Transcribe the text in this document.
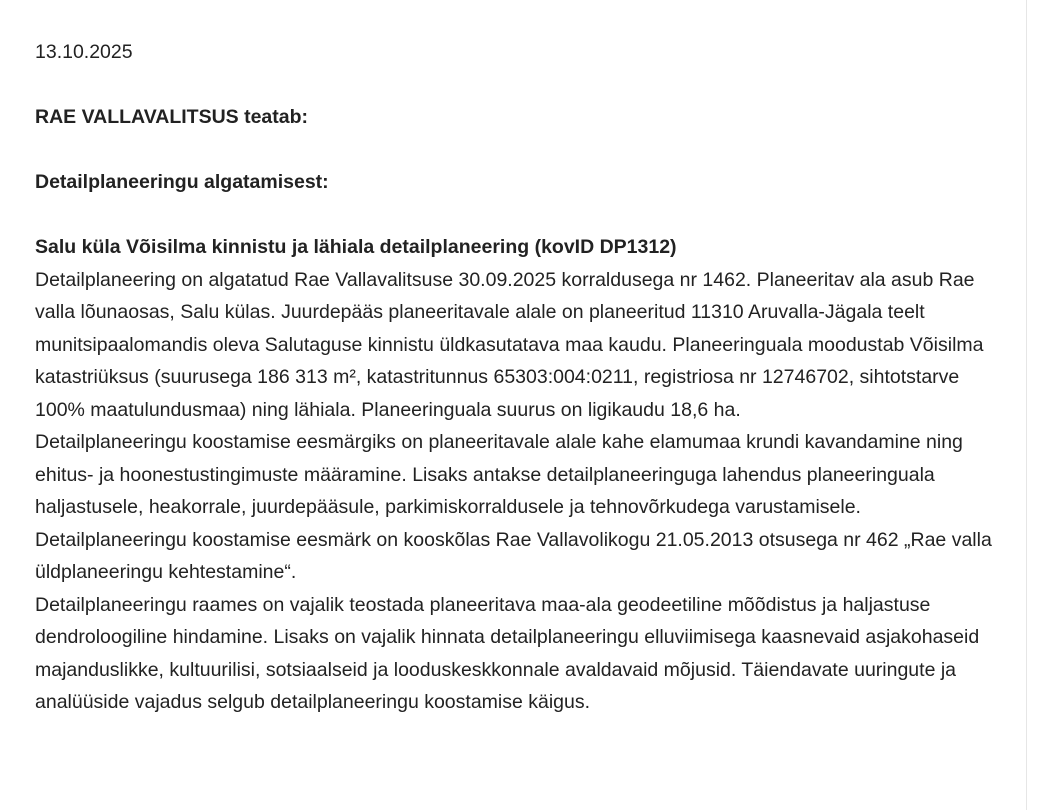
13.10.2025

RAE VALLAVALITSUS teatab:

Detailplaneeringu algatamisest:

Salu küla Võisilma kinnistu ja lähiala detailplaneering (kovID DP1312)

Detailplaneering on algatatud Rae Vallavalitsuse 30.09.2025 korraldusega nr 1462. Planeeritav ala asub Rae valla lõunaosas, Salu külas. Juurdepääs planeeritavale alale on planeeritud 11310 Aruvalla-Jägala teelt munitsipaalomandis oleva Salutaguse kinnistu üldkasutatava maa kaudu. Planeeringuala moodustab Võisilma katastriüksus (suurusega 186 313 m², katastritunnus 65303:004:0211, registriosa nr 12746702, sihtotstarve 100% maatulundusmaa) ning lähiala. Planeeringuala suurus on ligikaudu 18,6 ha.

Detailplaneeringu koostamise eesmärgiks on planeeritavale alale kahe elamumaa krundi kavandamine ning ehitus- ja hoonestustingimuste määramine. Lisaks antakse detailplaneeringuga lahendus planeeringuala haljastusele, heakorrale, juurdepääsule, parkimiskorraldusele ja tehnovõrkudega varustamisele.

Detailplaneeringu koostamise eesmärk on kooskõlas Rae Vallavolikogu 21.05.2013 otsusega nr 462 „Rae valla üldplaneeringu kehtestamine“.

Detailplaneeringu raames on vajalik teostada planeeritava maa-ala geodeetiline mõõdistus ja haljastuse dendroloogiline hindamine. Lisaks on vajalik hinnata detailplaneeringu elluviimisega kaasnevaid asjakohaseid majanduslikke, kultuurilisi, sotsiaalseid ja looduskeskkonnale avaldavaid mõjusid. Täiendavate uuringute ja analüüside vajadus selgub detailplaneeringu koostamise käigus.
